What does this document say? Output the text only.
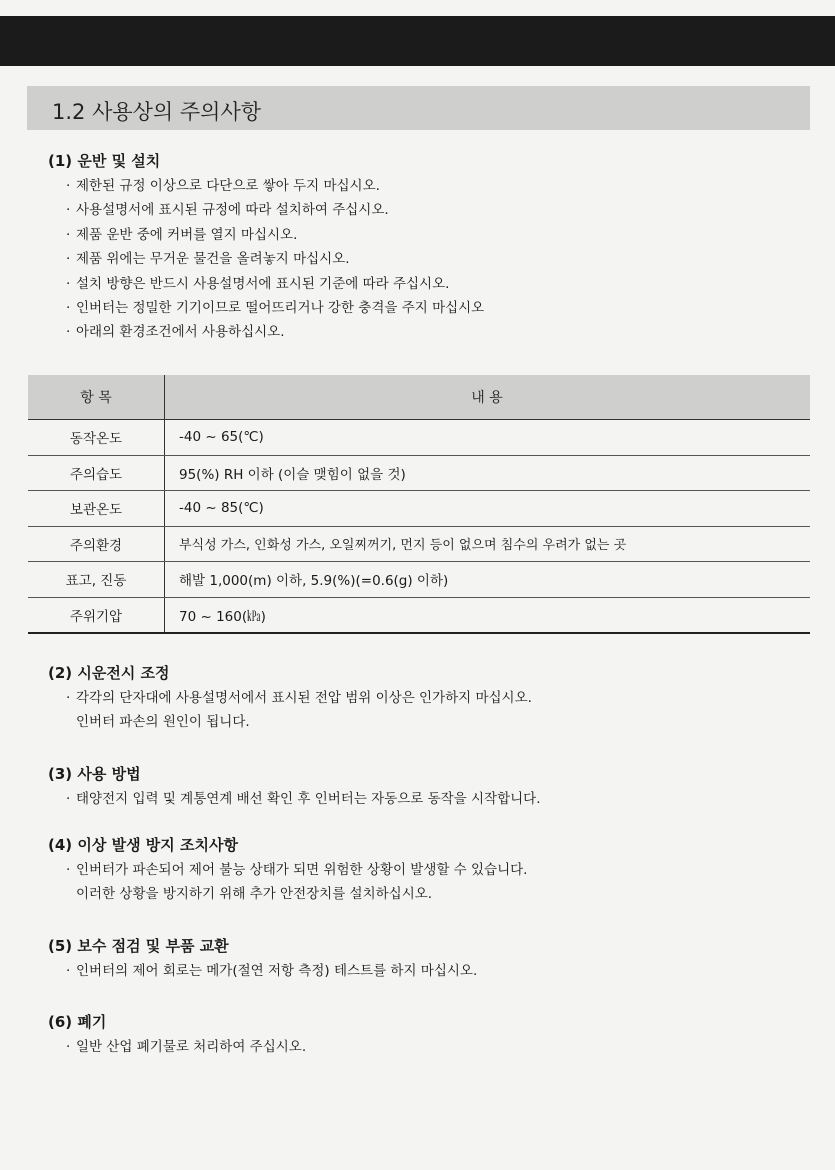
1.2 사용상의 주의사항

(1) 운반 및 설치

· 제한된 규정 이상으로 다단으로 쌓아 두지 마십시오.
· 사용설명서에 표시된 규정에 따라 설치하여 주십시오.
· 제품 운반 중에 커버를 열지 마십시오.
· 제품 위에는 무거운 물건을 올려놓지 마십시오.
· 설치 방향은 반드시 사용설명서에 표시된 기준에 따라 주십시오.
· 인버터는 정밀한 기기이므로 떨어뜨리거나 강한 충격을 주지 마십시오
· 아래의 환경조건에서 사용하십시오.
항 목	내 용
동작온도	-40 ~ 65(℃)
주의습도	95(%) RH 이하 (이슬 맺힘이 없을 것)
보관온도	-40 ~ 85(℃)
주의환경	부식성 가스, 인화성 가스, 오일찌꺼기, 먼지 등이 없으며 침수의 우려가 없는 곳
표고, 진동	해발 1,000(m) 이하, 5.9(%)(=0.6(g) 이하)
주위기압	70 ~ 160(㎪)

(2) 시운전시 조정

· 각각의 단자대에 사용설명서에서 표시된 전압 범위 이상은 인가하지 마십시오.
인버터 파손의 원인이 됩니다.

(3) 사용 방법

· 태양전지 입력 및 계통연계 배선 확인 후 인버터는 자동으로 동작을 시작합니다.

(4) 이상 발생 방지 조치사항

· 인버터가 파손되어 제어 불능 상태가 되면 위험한 상황이 발생할 수 있습니다.
이러한 상황을 방지하기 위해 추가 안전장치를 설치하십시오.

(5) 보수 점검 및 부품 교환

· 인버터의 제어 회로는 메가(절연 저항 측정) 테스트를 하지 마십시오.

(6) 폐기

· 일반 산업 폐기물로 처리하여 주십시오.
